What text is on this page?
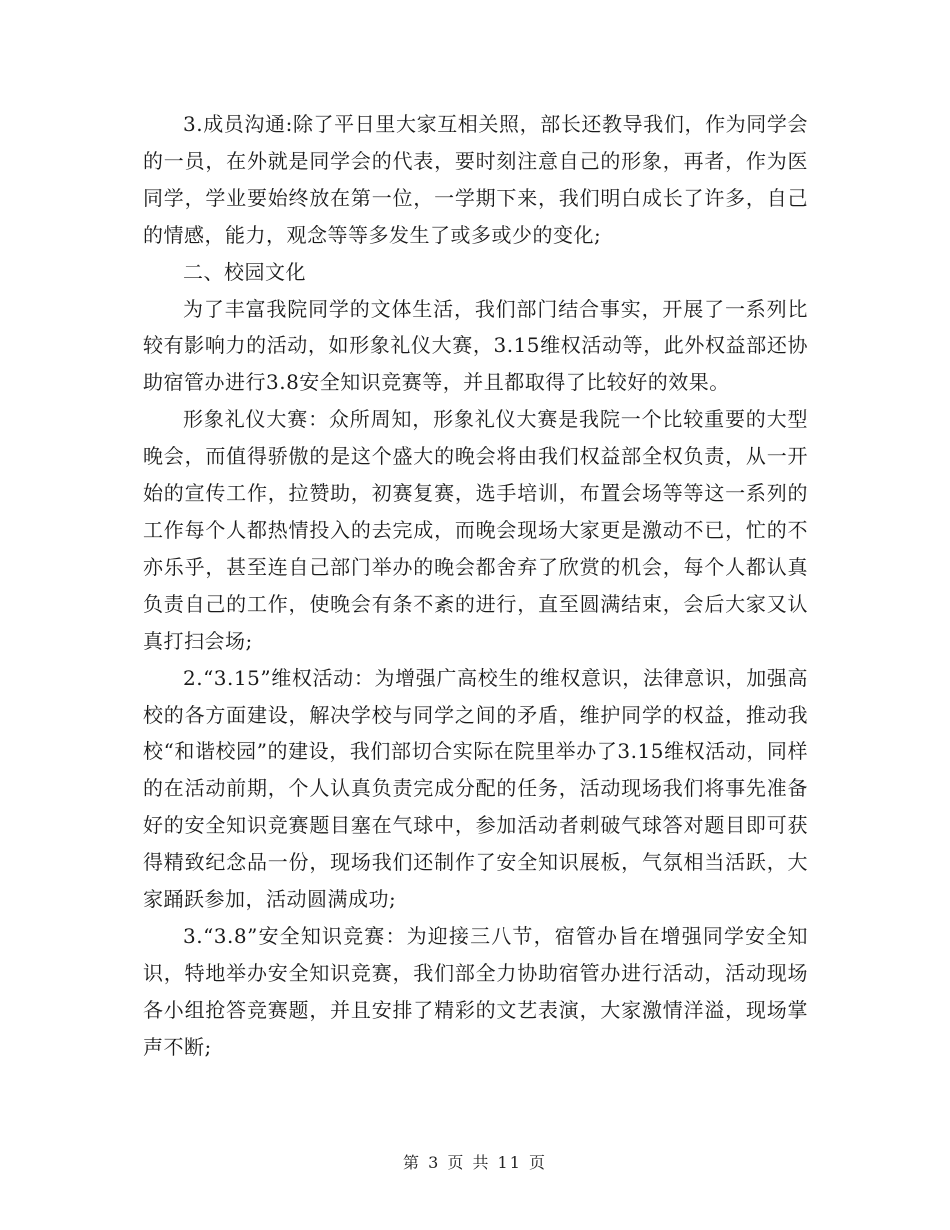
3.成员沟通:除了平日里大家互相关照，部长还教导我们，作为同学会的一员，在外就是同学会的代表，要时刻注意自己的形象，再者，作为医同学，学业要始终放在第一位，一学期下来，我们明白成长了许多，自己的情感，能力，观念等等多发生了或多或少的变化;

二、校园文化

为了丰富我院同学的文体生活，我们部门结合事实，开展了一系列比较有影响力的活动，如形象礼仪大赛，3.15维权活动等，此外权益部还协助宿管办进行3.8安全知识竞赛等，并且都取得了比较好的效果。

形象礼仪大赛：众所周知，形象礼仪大赛是我院一个比较重要的大型晚会，而值得骄傲的是这个盛大的晚会将由我们权益部全权负责，从一开始的宣传工作，拉赞助，初赛复赛，选手培训，布置会场等等这一系列的工作每个人都热情投入的去完成，而晚会现场大家更是激动不已，忙的不亦乐乎，甚至连自己部门举办的晚会都舍弃了欣赏的机会，每个人都认真负责自己的工作，使晚会有条不紊的进行，直至圆满结束，会后大家又认真打扫会场;

2.“3.15”维权活动：为增强广高校生的维权意识，法律意识，加强高校的各方面建设，解决学校与同学之间的矛盾，维护同学的权益，推动我校“和谐校园”的建设，我们部切合实际在院里举办了3.15维权活动，同样的在活动前期，个人认真负责完成分配的任务，活动现场我们将事先准备好的安全知识竞赛题目塞在气球中，参加活动者刺破气球答对题目即可获得精致纪念品一份，现场我们还制作了安全知识展板，气氛相当活跃，大家踊跃参加，活动圆满成功;

3.“3.8”安全知识竞赛：为迎接三八节，宿管办旨在增强同学安全知识，特地举办安全知识竞赛，我们部全力协助宿管办进行活动，活动现场各小组抢答竞赛题，并且安排了精彩的文艺表演，大家激情洋溢，现场掌声不断;

第 3 页 共 11 页
